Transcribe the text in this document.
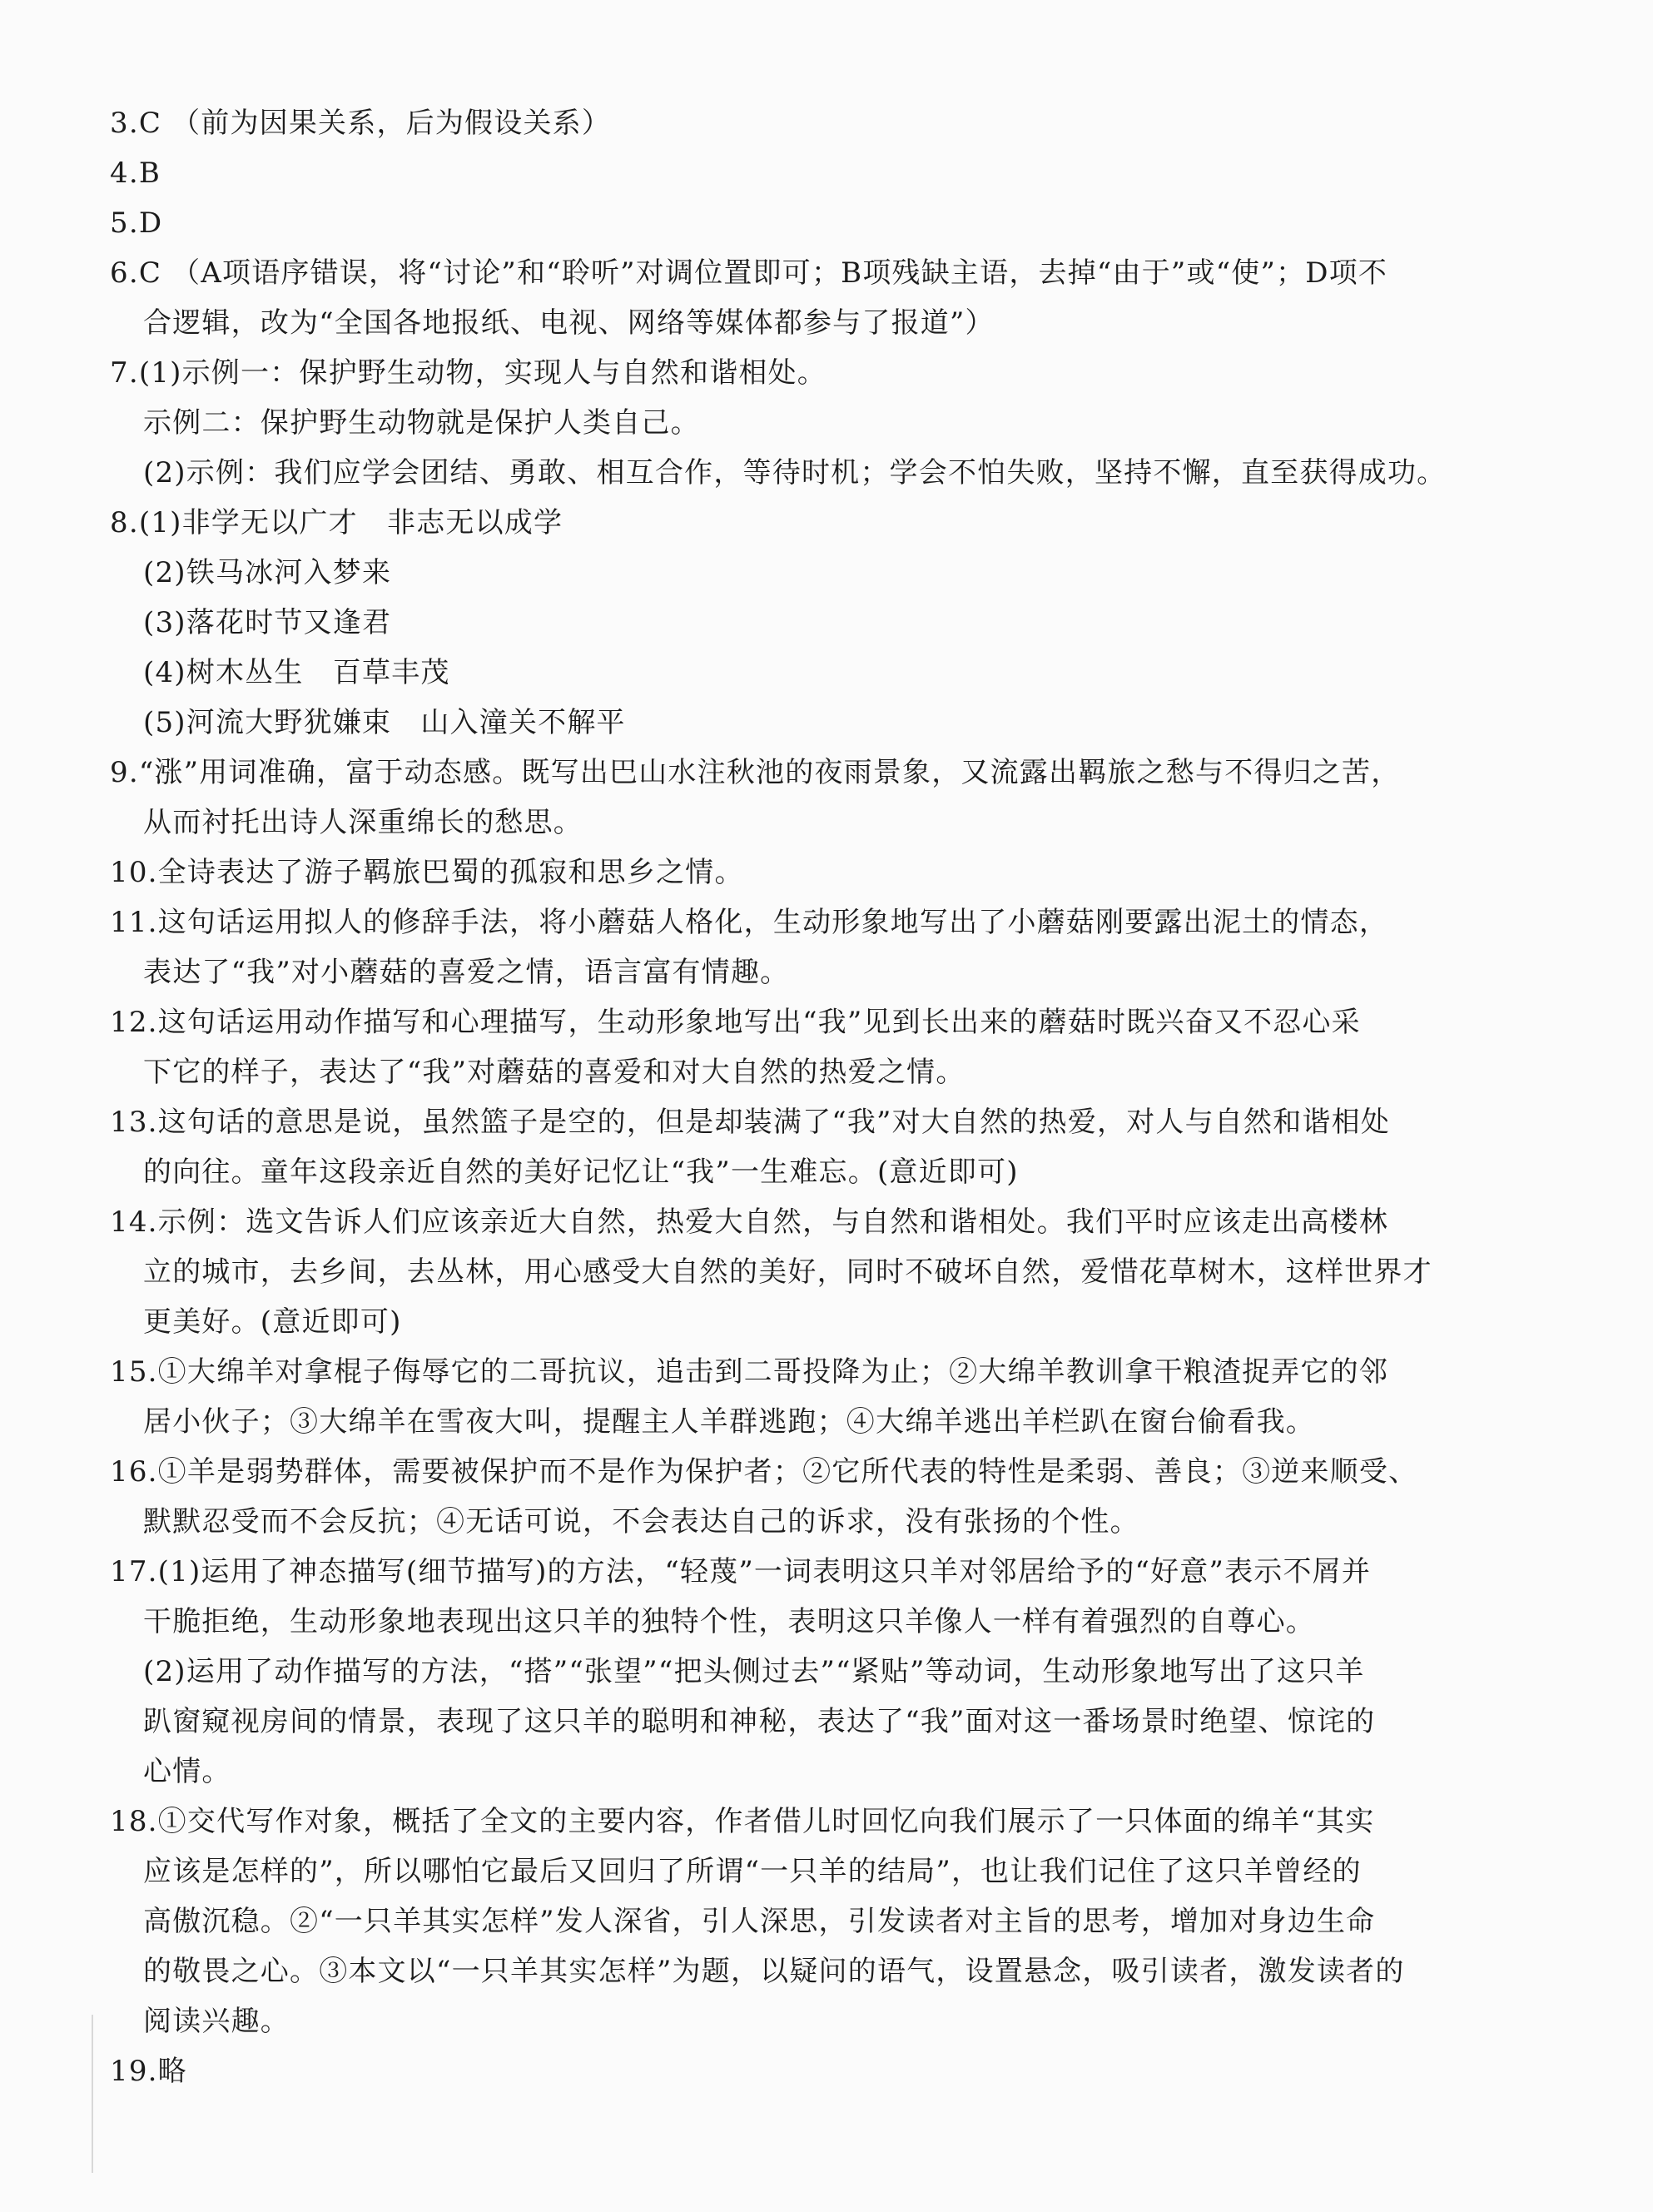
3.C （前为因果关系，后为假设关系）
4.B
5.D
6.C （A项语序错误，将“讨论”和“聆听”对调位置即可；B项残缺主语，去掉“由于”或“使”；D项不
合逻辑，改为“全国各地报纸、电视、网络等媒体都参与了报道”）
7.(1)示例一：保护野生动物，实现人与自然和谐相处。
示例二：保护野生动物就是保护人类自己。
(2)示例：我们应学会团结、勇敢、相互合作，等待时机；学会不怕失败，坚持不懈，直至获得成功。
8.(1)非学无以广才　非志无以成学
(2)铁马冰河入梦来
(3)落花时节又逢君
(4)树木丛生　百草丰茂
(5)河流大野犹嫌束　山入潼关不解平
9.“涨”用词准确，富于动态感。既写出巴山水注秋池的夜雨景象，又流露出羁旅之愁与不得归之苦，
从而衬托出诗人深重绵长的愁思。
10.全诗表达了游子羁旅巴蜀的孤寂和思乡之情。
11.这句话运用拟人的修辞手法，将小蘑菇人格化，生动形象地写出了小蘑菇刚要露出泥土的情态，
表达了“我”对小蘑菇的喜爱之情，语言富有情趣。
12.这句话运用动作描写和心理描写，生动形象地写出“我”见到长出来的蘑菇时既兴奋又不忍心采
下它的样子，表达了“我”对蘑菇的喜爱和对大自然的热爱之情。
13.这句话的意思是说，虽然篮子是空的，但是却装满了“我”对大自然的热爱，对人与自然和谐相处
的向往。童年这段亲近自然的美好记忆让“我”一生难忘。(意近即可)
14.示例：选文告诉人们应该亲近大自然，热爱大自然，与自然和谐相处。我们平时应该走出高楼林
立的城市，去乡间，去丛林，用心感受大自然的美好，同时不破坏自然，爱惜花草树木，这样世界才
更美好。(意近即可)
15.①大绵羊对拿棍子侮辱它的二哥抗议，追击到二哥投降为止；②大绵羊教训拿干粮渣捉弄它的邻
居小伙子；③大绵羊在雪夜大叫，提醒主人羊群逃跑；④大绵羊逃出羊栏趴在窗台偷看我。
16.①羊是弱势群体，需要被保护而不是作为保护者；②它所代表的特性是柔弱、善良；③逆来顺受、
默默忍受而不会反抗；④无话可说，不会表达自己的诉求，没有张扬的个性。
17.(1)运用了神态描写(细节描写)的方法，“轻蔑”一词表明这只羊对邻居给予的“好意”表示不屑并
干脆拒绝，生动形象地表现出这只羊的独特个性，表明这只羊像人一样有着强烈的自尊心。
(2)运用了动作描写的方法，“搭”“张望”“把头侧过去”“紧贴”等动词，生动形象地写出了这只羊
趴窗窥视房间的情景，表现了这只羊的聪明和神秘，表达了“我”面对这一番场景时绝望、惊诧的
心情。
18.①交代写作对象，概括了全文的主要内容，作者借儿时回忆向我们展示了一只体面的绵羊“其实
应该是怎样的”，所以哪怕它最后又回归了所谓“一只羊的结局”，也让我们记住了这只羊曾经的
高傲沉稳。②“一只羊其实怎样”发人深省，引人深思，引发读者对主旨的思考，增加对身边生命
的敬畏之心。③本文以“一只羊其实怎样”为题，以疑问的语气，设置悬念，吸引读者，激发读者的
阅读兴趣。
19.略
